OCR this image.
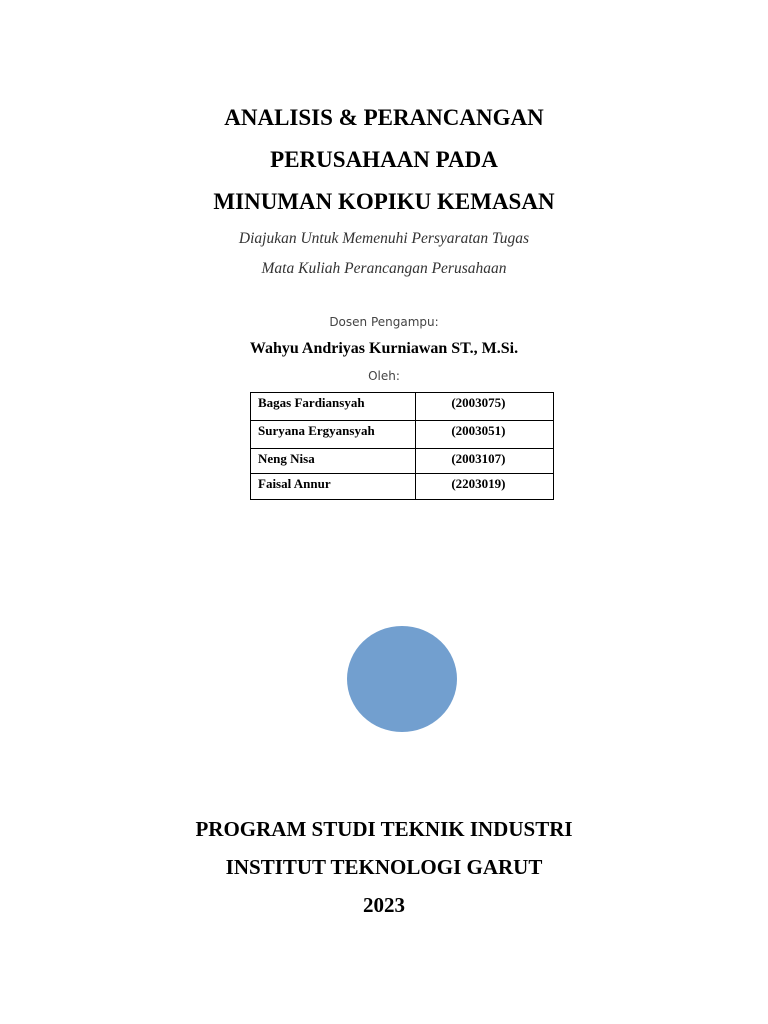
ANALISIS & PERANCANGAN
PERUSAHAAN PADA
MINUMAN KOPIKU KEMASAN
Diajukan Untuk Memenuhi Persyaratan Tugas
Mata Kuliah Perancangan Perusahaan
Dosen Pengampu:
Wahyu Andriyas Kurniawan ST., M.Si.
Oleh:
Bagas Fardiansyah	(2003075)
Suryana Ergyansyah	(2003051)
Neng Nisa	(2003107)
Faisal Annur	(2203019)
PROGRAM STUDI TEKNIK INDUSTRI
INSTITUT TEKNOLOGI GARUT
2023
